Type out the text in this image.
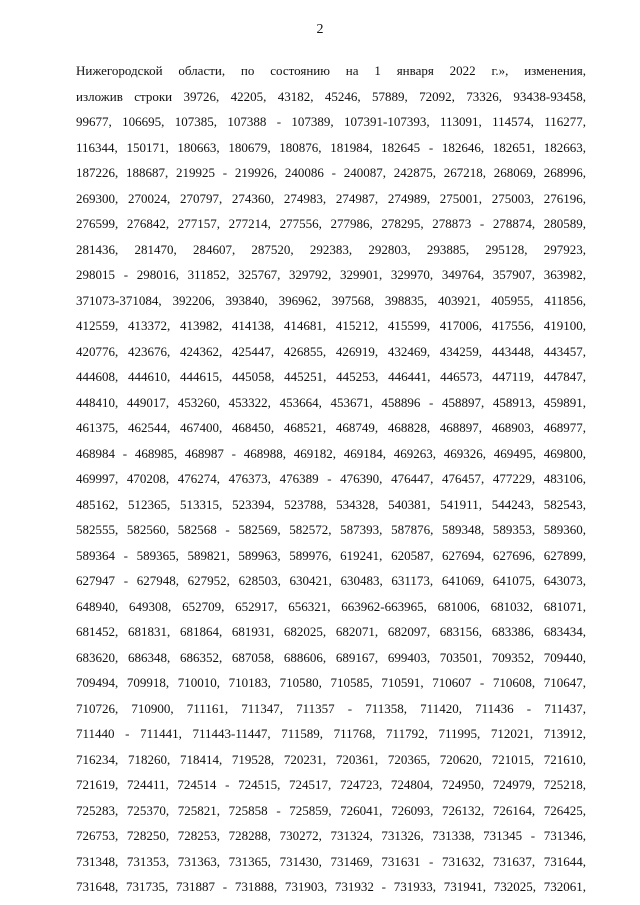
2
Нижегородской области, по состоянию на 1 января 2022 г.», изменения,
изложив строки 39726, 42205, 43182, 45246, 57889, 72092, 73326, 93438-93458,
99677, 106695, 107385, 107388 - 107389, 107391-107393, 113091, 114574, 116277,
116344, 150171, 180663, 180679, 180876, 181984, 182645 - 182646, 182651, 182663,
187226, 188687, 219925 - 219926, 240086 - 240087, 242875, 267218, 268069, 268996,
269300, 270024, 270797, 274360, 274983, 274987, 274989, 275001, 275003, 276196,
276599, 276842, 277157, 277214, 277556, 277986, 278295, 278873 - 278874, 280589,
281436, 281470, 284607, 287520, 292383, 292803, 293885, 295128, 297923,
298015 - 298016, 311852, 325767, 329792, 329901, 329970, 349764, 357907, 363982,
371073-371084, 392206, 393840, 396962, 397568, 398835, 403921, 405955, 411856,
412559, 413372, 413982, 414138, 414681, 415212, 415599, 417006, 417556, 419100,
420776, 423676, 424362, 425447, 426855, 426919, 432469, 434259, 443448, 443457,
444608, 444610, 444615, 445058, 445251, 445253, 446441, 446573, 447119, 447847,
448410, 449017, 453260, 453322, 453664, 453671, 458896 - 458897, 458913, 459891,
461375, 462544, 467400, 468450, 468521, 468749, 468828, 468897, 468903, 468977,
468984 - 468985, 468987 - 468988, 469182, 469184, 469263, 469326, 469495, 469800,
469997, 470208, 476274, 476373, 476389 - 476390, 476447, 476457, 477229, 483106,
485162, 512365, 513315, 523394, 523788, 534328, 540381, 541911, 544243, 582543,
582555, 582560, 582568 - 582569, 582572, 587393, 587876, 589348, 589353, 589360,
589364 - 589365, 589821, 589963, 589976, 619241, 620587, 627694, 627696, 627899,
627947 - 627948, 627952, 628503, 630421, 630483, 631173, 641069, 641075, 643073,
648940, 649308, 652709, 652917, 656321, 663962-663965, 681006, 681032, 681071,
681452, 681831, 681864, 681931, 682025, 682071, 682097, 683156, 683386, 683434,
683620, 686348, 686352, 687058, 688606, 689167, 699403, 703501, 709352, 709440,
709494, 709918, 710010, 710183, 710580, 710585, 710591, 710607 - 710608, 710647,
710726, 710900, 711161, 711347, 711357 - 711358, 711420, 711436 - 711437,
711440 - 711441, 711443-11447, 711589, 711768, 711792, 711995, 712021, 713912,
716234, 718260, 718414, 719528, 720231, 720361, 720365, 720620, 721015, 721610,
721619, 724411, 724514 - 724515, 724517, 724723, 724804, 724950, 724979, 725218,
725283, 725370, 725821, 725858 - 725859, 726041, 726093, 726132, 726164, 726425,
726753, 728250, 728253, 728288, 730272, 731324, 731326, 731338, 731345 - 731346,
731348, 731353, 731363, 731365, 731430, 731469, 731631 - 731632, 731637, 731644,
731648, 731735, 731887 - 731888, 731903, 731932 - 731933, 731941, 732025, 732061,
